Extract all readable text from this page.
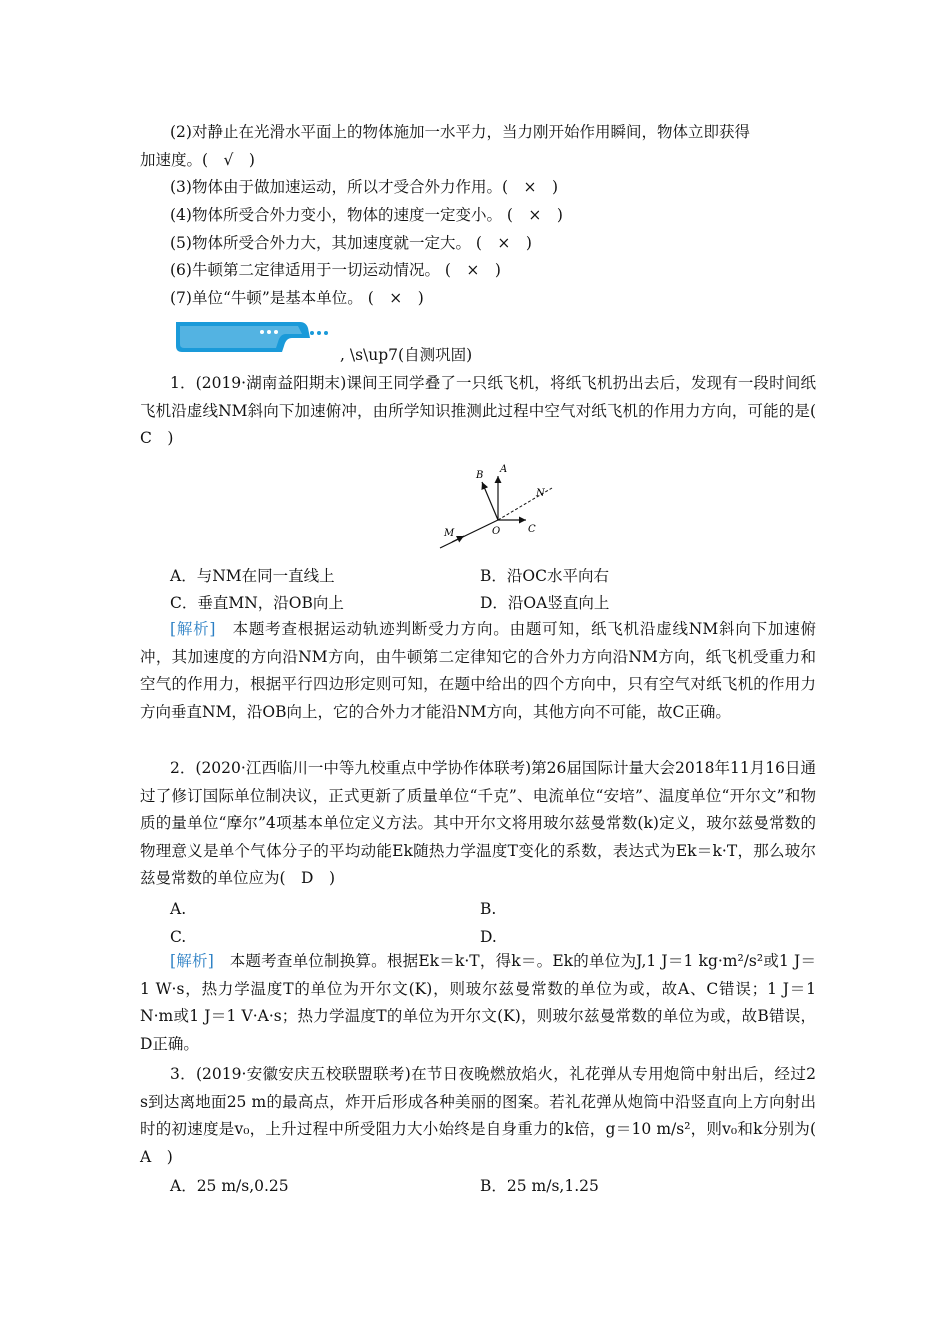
(2)对静止在光滑水平面上的物体施加一水平力，当力刚开始作用瞬间，物体立即获得
加速度。(　√　)
(3)物体由于做加速运动，所以才受合外力作用。(　×　)
(4)物体所受合外力变小，物体的速度一定变小。 (　×　)
(5)物体所受合外力大，其加速度就一定大。 (　×　)
(6)牛顿第二定律适用于一切运动情况。 (　×　)
(7)单位“牛顿”是基本单位。 (　×　)
, \s\up7(自测巩固)
1．(2019·湖南益阳期末)课间王同学叠了一只纸飞机，将纸飞机扔出去后，发现有一段时间纸飞机沿虚线NM斜向下加速俯冲，由所学知识推测此过程中空气对纸飞机的作用力方向，可能的是(　C　)
A
B
C
N
O
M
A．与NM在同一直线上	B．沿OC水平向右
C．垂直MN，沿OB向上	D．沿OA竖直向上
[解析]　本题考查根据运动轨迹判断受力方向。由题可知，纸飞机沿虚线NM斜向下加速俯冲，其加速度的方向沿NM方向，由牛顿第二定律知它的合外力方向沿NM方向，纸飞机受重力和空气的作用力，根据平行四边形定则可知，在题中给出的四个方向中，只有空气对纸飞机的作用力方向垂直NM，沿OB向上，它的合外力才能沿NM方向，其他方向不可能，故C正确。
2．(2020·江西临川一中等九校重点中学协作体联考)第26届国际计量大会2018年11月16日通过了修订国际单位制决议，正式更新了质量单位“千克”、电流单位“安培”、温度单位“开尔文”和物质的量单位“摩尔”4项基本单位定义方法。其中开尔文将用玻尔兹曼常数(k)定义，玻尔兹曼常数的物理意义是单个气体分子的平均动能Ek随热力学温度T变化的系数，表达式为Ek＝k·T，那么玻尔兹曼常数的单位应为(　D　)
A.	B.
C.	D.
[解析]　本题考查单位制换算。根据Ek＝k·T，得k＝。Ek的单位为J,1 J＝1 kg·m²/s²或1 J＝1 W·s，热力学温度T的单位为开尔文(K)，则玻尔兹曼常数的单位为或，故A、C错误；1 J＝1 N·m或1 J＝1 V·A·s；热力学温度T的单位为开尔文(K)，则玻尔兹曼常数的单位为或，故B错误，D正确。
3．(2019·安徽安庆五校联盟联考)在节日夜晚燃放焰火，礼花弹从专用炮筒中射出后，经过2 s到达离地面25 m的最高点，炸开后形成各种美丽的图案。若礼花弹从炮筒中沿竖直向上方向射出时的初速度是v₀，上升过程中所受阻力大小始终是自身重力的k倍，g＝10 m/s²，则v₀和k分别为(　A　)
A．25 m/s,0.25	B．25 m/s,1.25
